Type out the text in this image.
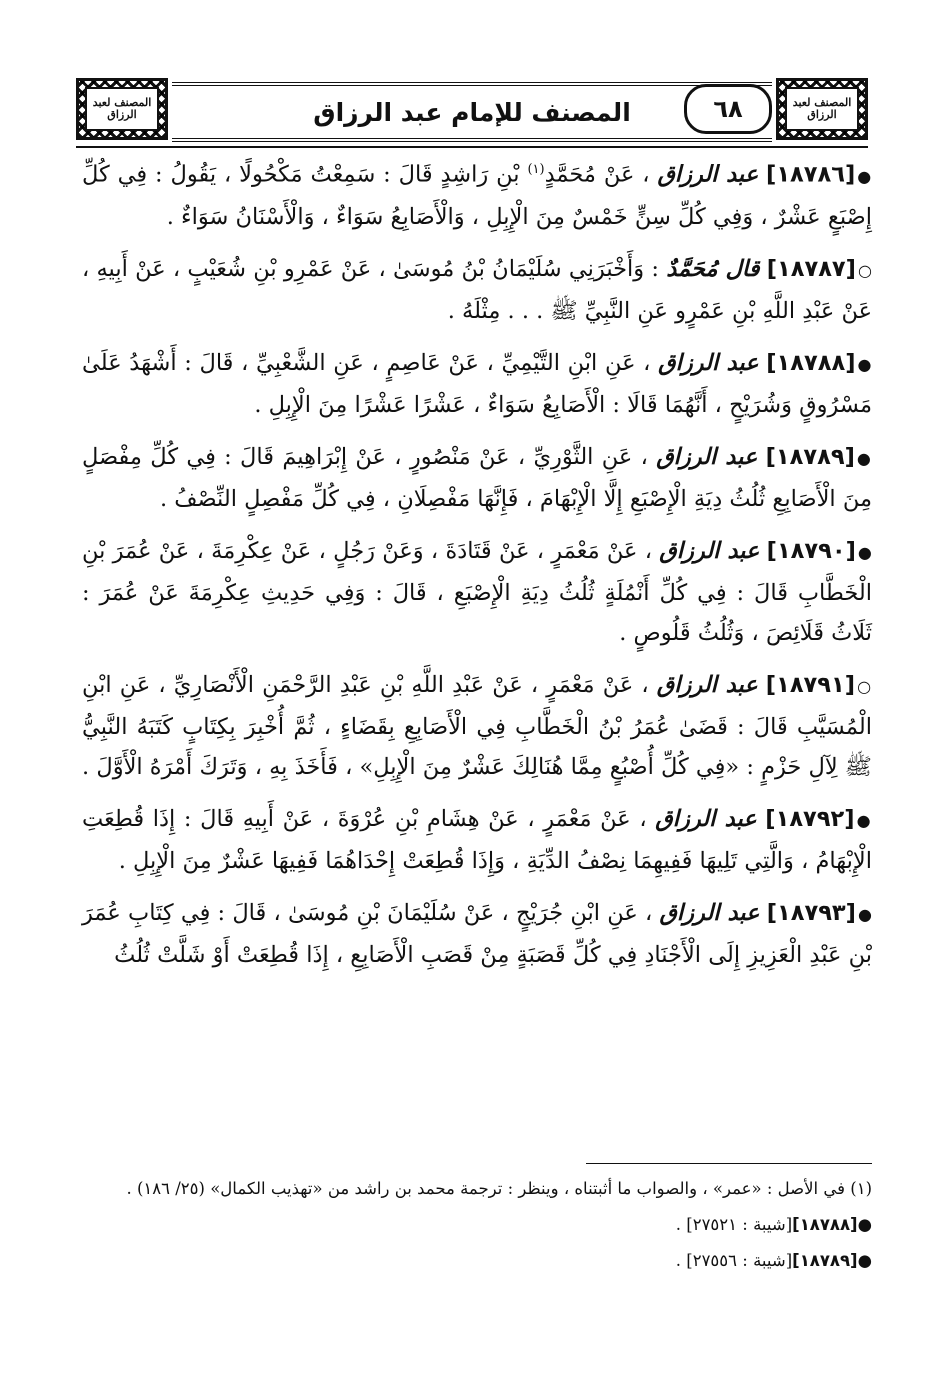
المصنف لعبد الرزاق	المصنف للإمام عبد الرزاق	٦٨	المصنف لعبد الرزاق

●[١٨٧٨٦] عبد الرزاق ، عَنْ مُحَمَّدٍ$^{(١)}$ بْنِ رَاشِدٍ قَالَ : سَمِعْتُ مَكْحُولًا ، يَقُولُ : فِي كُلِّ إِصْبَعٍ عَشْرٌ ، وَفِي كُلِّ سِنٍّ خَمْسٌ مِنَ الْإِبِلِ ، وَالْأَصَابِعُ سَوَاءٌ ، وَالْأَسْنَانُ سَوَاءٌ .

○[١٨٧٨٧] قال مُحَمَّدٌ : وَأَخْبَرَنِي سُلَيْمَانُ بْنُ مُوسَىٰ ، عَنْ عَمْرِو بْنِ شُعَيْبٍ ، عَنْ أَبِيهِ ، عَنْ عَبْدِ اللَّهِ بْنِ عَمْرٍو عَنِ النَّبِيِّ ﷺ . . . مِثْلَهُ .

●[١٨٧٨٨] عبد الرزاق ، عَنِ ابْنِ التَّيْمِيِّ ، عَنْ عَاصِمٍ ، عَنِ الشَّعْبِيِّ ، قَالَ : أَشْهَدُ عَلَىٰ مَسْرُوقٍ وَشُرَيْحٍ ، أَنَّهُمَا قَالَا : الْأَصَابِعُ سَوَاءٌ ، عَشْرًا عَشْرًا مِنَ الْإِبِلِ .

●[١٨٧٨٩] عبد الرزاق ، عَنِ الثَّوْرِيِّ ، عَنْ مَنْصُورٍ ، عَنْ إِبْرَاهِيمَ قَالَ : فِي كُلِّ مِفْصَلٍ مِنَ الْأَصَابِعِ ثُلُثُ دِيَةِ الْإِصْبَعِ إِلَّا الْإِبْهَامَ ، فَإِنَّهَا مَفْصِلَانِ ، فِي كُلِّ مَفْصِلٍ النِّصْفُ .

●[١٨٧٩٠] عبد الرزاق ، عَنْ مَعْمَرٍ ، عَنْ قَتَادَةَ ، وَعَنْ رَجُلٍ ، عَنْ عِكْرِمَةَ ، عَنْ عُمَرَ بْنِ الْخَطَّابِ قَالَ : فِي كُلِّ أَنْمُلَةٍ ثُلُثُ دِيَةِ الْإِصْبَعِ ، قَالَ : وَفِي حَدِيثِ عِكْرِمَةَ عَنْ عُمَرَ : ثَلَاثُ قَلَائِصَ ، وَثُلُثُ قَلُوصٍ .

○[١٨٧٩١] عبد الرزاق ، عَنْ مَعْمَرٍ ، عَنْ عَبْدِ اللَّهِ بْنِ عَبْدِ الرَّحْمَنِ الْأَنْصَارِيِّ ، عَنِ ابْنِ الْمُسَيَّبِ قَالَ : قَضَىٰ عُمَرُ بْنُ الْخَطَّابِ فِي الْأَصَابِعِ بِقَضَاءٍ ، ثُمَّ أُخْبِرَ بِكِتَابٍ كَتَبَهُ النَّبِيُّ ﷺ لِآلِ حَزْمٍ : «فِي كُلِّ أُصْبُعٍ مِمَّا هُنَالِكَ عَشْرٌ مِنَ الْإِبِلِ» ، فَأَخَذَ بِهِ ، وَتَرَكَ أَمْرَهُ الْأَوَّلَ .

●[١٨٧٩٢] عبد الرزاق ، عَنْ مَعْمَرٍ ، عَنْ هِشَامِ بْنِ عُرْوَةَ ، عَنْ أَبِيهِ قَالَ : إِذَا قُطِعَتِ الْإِبْهَامُ ، وَالَّتِي تَلِيهَا فَفِيهِمَا نِصْفُ الدِّيَةِ ، وَإِذَا قُطِعَتْ إِحْدَاهُمَا فَفِيهَا عَشْرٌ مِنَ الْإِبِلِ .

●[١٨٧٩٣] عبد الرزاق ، عَنِ ابْنِ جُرَيْجٍ ، عَنْ سُلَيْمَانَ بْنِ مُوسَىٰ ، قَالَ : فِي كِتَابِ عُمَرَ بْنِ عَبْدِ الْعَزِيزِ إِلَى الْأَجْنَادِ فِي كُلِّ قَصَبَةٍ مِنْ قَصَبِ الْأَصَابِعِ ، إِذَا قُطِعَتْ أَوْ شَلَّتْ ثُلُثُ

(١) في الأصل : «عمر» ، والصواب ما أثبتناه ، وينظر : ترجمة محمد بن راشد من «تهذيب الكمال» (٢٥/ ١٨٦) .

●[١٨٧٨٨][شيبة : ٢٧٥٢١] .

●[١٨٧٨٩][شيبة : ٢٧٥٥٦] .
